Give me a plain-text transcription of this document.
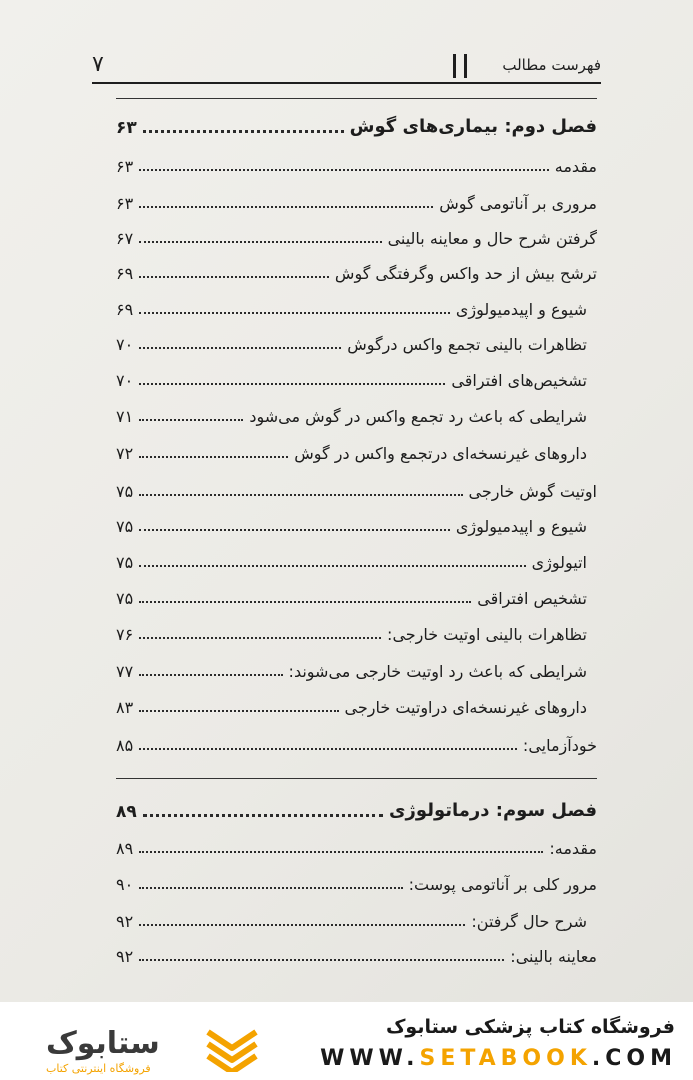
فهرست مطالب
۷
فصل دوم: بیماری‌های گوش
۶۳
مقدمه
۶۳
مروری بر آناتومی گوش
۶۳
گرفتن شرح حال و معاینه بالینی
۶۷
ترشح بیش از حد واکس وگرفتگی گوش
۶۹
شیوع و اپیدمیولوژی
۶۹
تظاهرات بالینی تجمع واکس درگوش
۷۰
تشخیص‌های افتراقی
۷۰
شرایطی که باعث رد تجمع واکس در گوش می‌شود
۷۱
داروهای غیرنسخه‌ای درتجمع واکس در گوش
۷۲
اوتیت گوش خارجی
۷۵
شیوع و اپیدمیولوژی
۷۵
اتیولوژی
۷۵
تشخیص افتراقی
۷۵
تظاهرات بالینی اوتیت خارجی:
۷۶
شرایطی که باعث رد اوتیت خارجی می‌شوند:
۷۷
داروهای غیرنسخه‌ای دراوتیت خارجی
۸۳
خودآزمایی:
۸۵
فصل سوم: درماتولوژی
۸۹
مقدمه:
۸۹
مرور کلی بر آناتومی پوست:
۹۰
شرح حال گرفتن:
۹۲
معاینه بالینی:
۹۲
ستابوک
فروشگاه اینترنتی کتاب
فروشگاه کتاب پزشکی ستابوک
WWW.SETABOOK.COM
